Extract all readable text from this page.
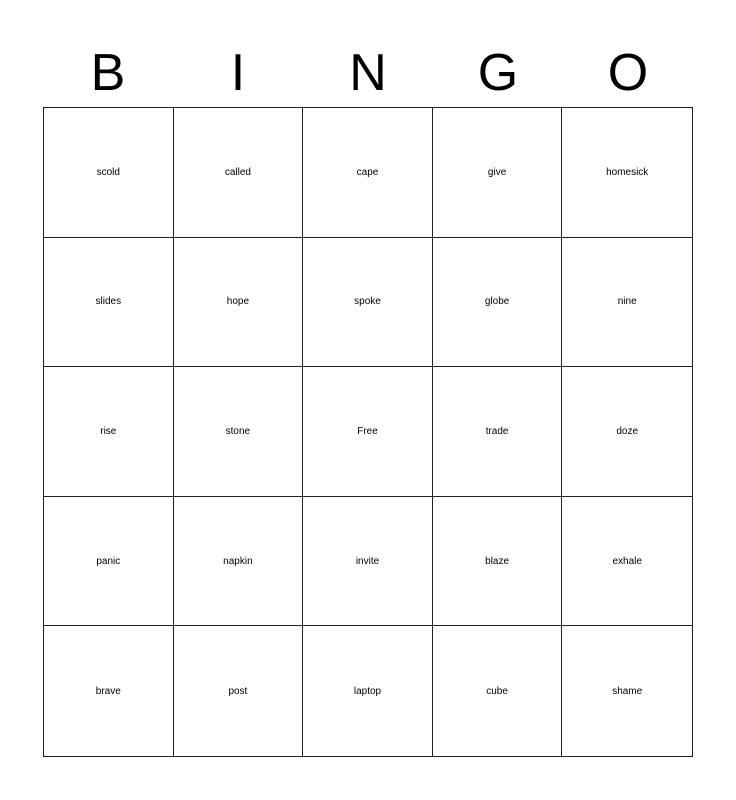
B	I	N	G	O
scold	called	cape	give	homesick
slides	hope	spoke	globe	nine
rise	stone	Free	trade	doze
panic	napkin	invite	blaze	exhale
brave	post	laptop	cube	shame
